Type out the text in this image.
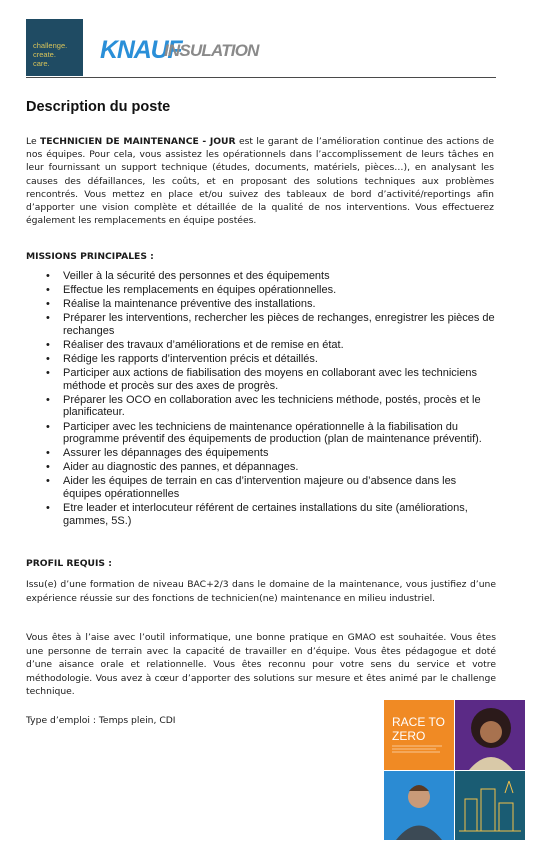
challenge.
create.
care.	KNAUF
INSULATION
Description du poste

Le TECHNICIEN DE MAINTENANCE - JOUR est le garant de l’amélioration continue des actions de nos équipes. Pour cela, vous assistez les opérationnels dans l’accomplissement de leurs tâches en leur fournissant un support technique (études, documents, matériels, pièces…), en analysant les causes des défaillances, les coûts, et en proposant des solutions techniques aux problèmes rencontrés. Vous mettez en place et/ou suivez des tableaux de bord d’activité/reportings afin d’apporter une vision complète et détaillée de la qualité de nos interventions. Vous effectuerez également les remplacements en équipe postées.

MISSIONS PRINCIPALES :

• Veiller à la sécurité des personnes et des équipements
• Effectue les remplacements en équipes opérationnelles.
• Réalise la maintenance préventive des installations.
• Préparer les interventions, rechercher les pièces de rechanges, enregistrer les pièces de rechanges
• Réaliser des travaux d’améliorations et de remise en état.
• Rédige les rapports d’intervention précis et détaillés.
• Participer aux actions de fiabilisation des moyens en collaborant avec les techniciens méthode et procès sur des axes de progrès.
• Préparer les OCO en collaboration avec les techniciens méthode, postés, procès et le planificateur.
• Participer avec les techniciens de maintenance opérationnelle à la fiabilisation du programme préventif des équipements de production (plan de maintenance préventif).
• Assurer les dépannages des équipements
• Aider au diagnostic des pannes, et dépannages.
• Aider les équipes de terrain en cas d’intervention majeure ou d’absence dans les équipes opérationnelles
• Etre leader et interlocuteur référent de certaines installations du site (améliorations, gammes, 5S.)

PROFIL REQUIS :

Issu(e) d’une formation de niveau BAC+2/3 dans le domaine de la maintenance, vous justifiez d’une expérience réussie sur des fonctions de technicien(ne) maintenance en milieu industriel.

Vous êtes à l’aise avec l’outil informatique, une bonne pratique en GMAO est souhaitée. Vous êtes une personne de terrain avec la capacité de travailler en d’équipe. Vous êtes pédagogue et doté d’une aisance orale et relationnelle. Vous êtes reconnu pour votre sens du service et votre méthodologie. Vous avez à cœur d’apporter des solutions sur mesure et êtes animé par le challenge technique.

Type d’emploi : Temps plein, CDI	RACE TO
ZERO
